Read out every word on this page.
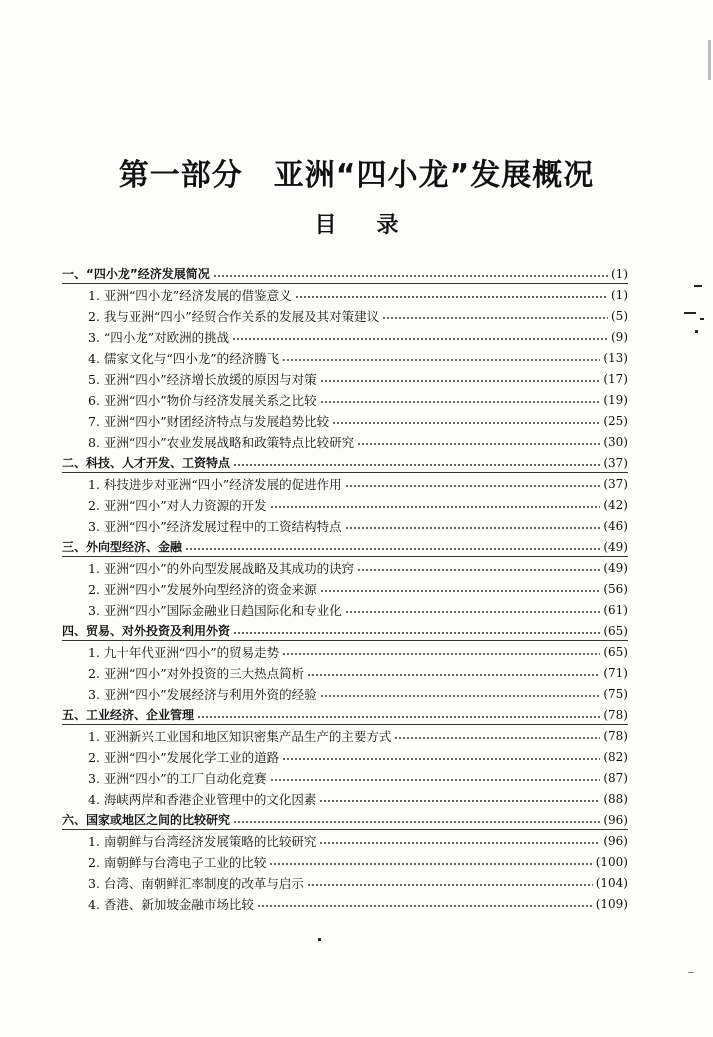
第一部分　亚洲“四小龙”发展概况
目录
一、“四小龙”经济发展简况	(1)
1. 亚洲“四小龙”经济发展的借鉴意义	(1)
2. 我与亚洲“四小”经贸合作关系的发展及其对策建议	(5)
3. “四小龙”对欧洲的挑战	(9)
4. 儒家文化与“四小龙”的经济腾飞	(13)
5. 亚洲“四小”经济增长放缓的原因与对策	(17)
6. 亚洲“四小”物价与经济发展关系之比较	(19)
7. 亚洲“四小”财团经济特点与发展趋势比较	(25)
8. 亚洲“四小”农业发展战略和政策特点比较研究	(30)
二、科技、人才开发、工资特点	(37)
1. 科技进步对亚洲“四小”经济发展的促进作用	(37)
2. 亚洲“四小”对人力资源的开发	(42)
3. 亚洲“四小”经济发展过程中的工资结构特点	(46)
三、外向型经济、金融	(49)
1. 亚洲“四小”的外向型发展战略及其成功的诀窍	(49)
2. 亚洲“四小”发展外向型经济的资金来源	(56)
3. 亚洲“四小”国际金融业日趋国际化和专业化	(61)
四、贸易、对外投资及利用外资	(65)
1. 九十年代亚洲“四小”的贸易走势	(65)
2. 亚洲“四小”对外投资的三大热点简析	(71)
3. 亚洲“四小”发展经济与利用外资的经验	(75)
五、工业经济、企业管理	(78)
1. 亚洲新兴工业国和地区知识密集产品生产的主要方式	(78)
2. 亚洲“四小”发展化学工业的道路	(82)
3. 亚洲“四小”的工厂自动化竞赛	(87)
4. 海峡两岸和香港企业管理中的文化因素	(88)
六、国家或地区之间的比较研究	(96)
1. 南朝鲜与台湾经济发展策略的比较研究	(96)
2. 南朝鲜与台湾电子工业的比较	(100)
3. 台湾、南朝鲜汇率制度的改革与启示	(104)
4. 香港、新加坡金融市场比较	(109)
